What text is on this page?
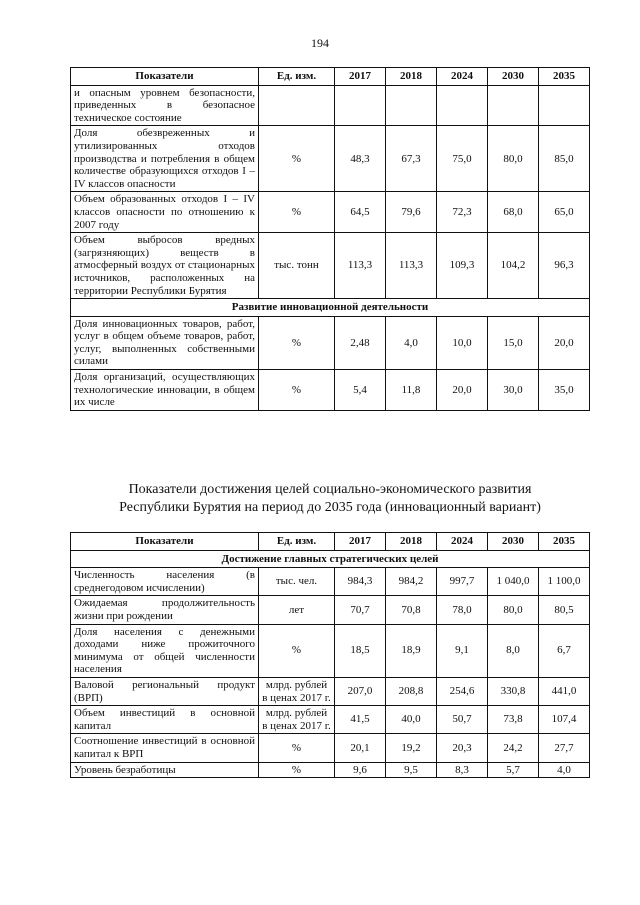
194
Показатели	Ед. изм.	2017	2018	2024	2030	2035
и опасным уровнем безопасности, приведенных в безопасное техническое состояние						
Доля обезвреженных и утилизированных отходов производства и потребления в общем количестве образующихся отходов I – IV классов опасности	%	48,3	67,3	75,0	80,0	85,0
Объем образованных отходов I – IV классов опасности по отношению к 2007 году	%	64,5	79,6	72,3	68,0	65,0
Объем выбросов вредных (загрязняющих) веществ в атмосферный воздух от стационарных источников, расположенных на территории Республики Бурятия	тыс. тонн	113,3	113,3	109,3	104,2	96,3
Развитие инновационной деятельности						
Доля инновационных товаров, работ, услуг в общем объеме товаров, работ, услуг, выполненных собственными силами	%	2,48	4,0	10,0	15,0	20,0
Доля организаций, осуществляющих технологические инновации, в общем их числе	%	5,4	11,8	20,0	30,0	35,0
Показатели достижения целей социально-экономического развития
Республики Бурятия на период до 2035 года (инновационный вариант)
Показатели	Ед. изм.	2017	2018	2024	2030	2035
Достижение главных стратегических целей						
Численность населения (в среднегодовом исчислении)	тыс. чел.	984,3	984,2	997,7	1 040,0	1 100,0
Ожидаемая продолжительность жизни при рождении	лет	70,7	70,8	78,0	80,0	80,5
Доля населения с денежными доходами ниже прожиточного минимума от общей численности населения	%	18,5	18,9	9,1	8,0	6,7
Валовой региональный продукт (ВРП)	млрд. рублей в ценах 2017 г.	207,0	208,8	254,6	330,8	441,0
Объем инвестиций в основной капитал	млрд. рублей в ценах 2017 г.	41,5	40,0	50,7	73,8	107,4
Соотношение инвестиций в основной капитал к ВРП	%	20,1	19,2	20,3	24,2	27,7
Уровень безработицы	%	9,6	9,5	8,3	5,7	4,0
